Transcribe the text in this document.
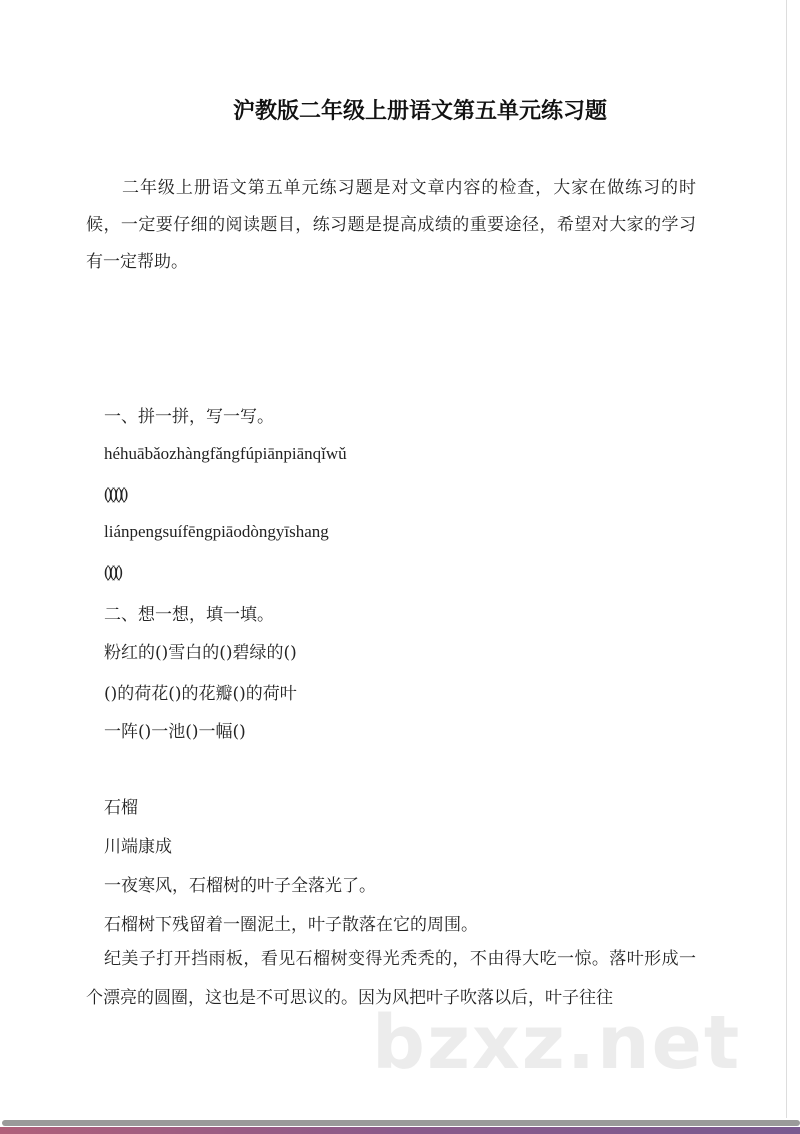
沪教版二年级上册语文第五单元练习题
二年级上册语文第五单元练习题是对文章内容的检查，大家在做练习的时候，一定要仔细的阅读题目，练习题是提高成绩的重要途径，希望对大家的学习有一定帮助。
一、拼一拼，写一写。
héhuābǎozhàngfǎngfúpiānpiānqǐwǔ
()()()()
liánpengsuífēngpiāodòngyīshang
()()()
二、想一想，填一填。
粉红的()雪白的()碧绿的()
()的荷花()的花瓣()的荷叶
一阵()一池()一幅()
石榴
川端康成
一夜寒风，石榴树的叶子全落光了。
石榴树下残留着一圈泥土，叶子散落在它的周围。
纪美子打开挡雨板，看见石榴树变得光秃秃的，不由得大吃一惊。落叶形成一个漂亮的圆圈，这也是不可思议的。因为风把叶子吹落以后，叶子往往
bzxz.net
